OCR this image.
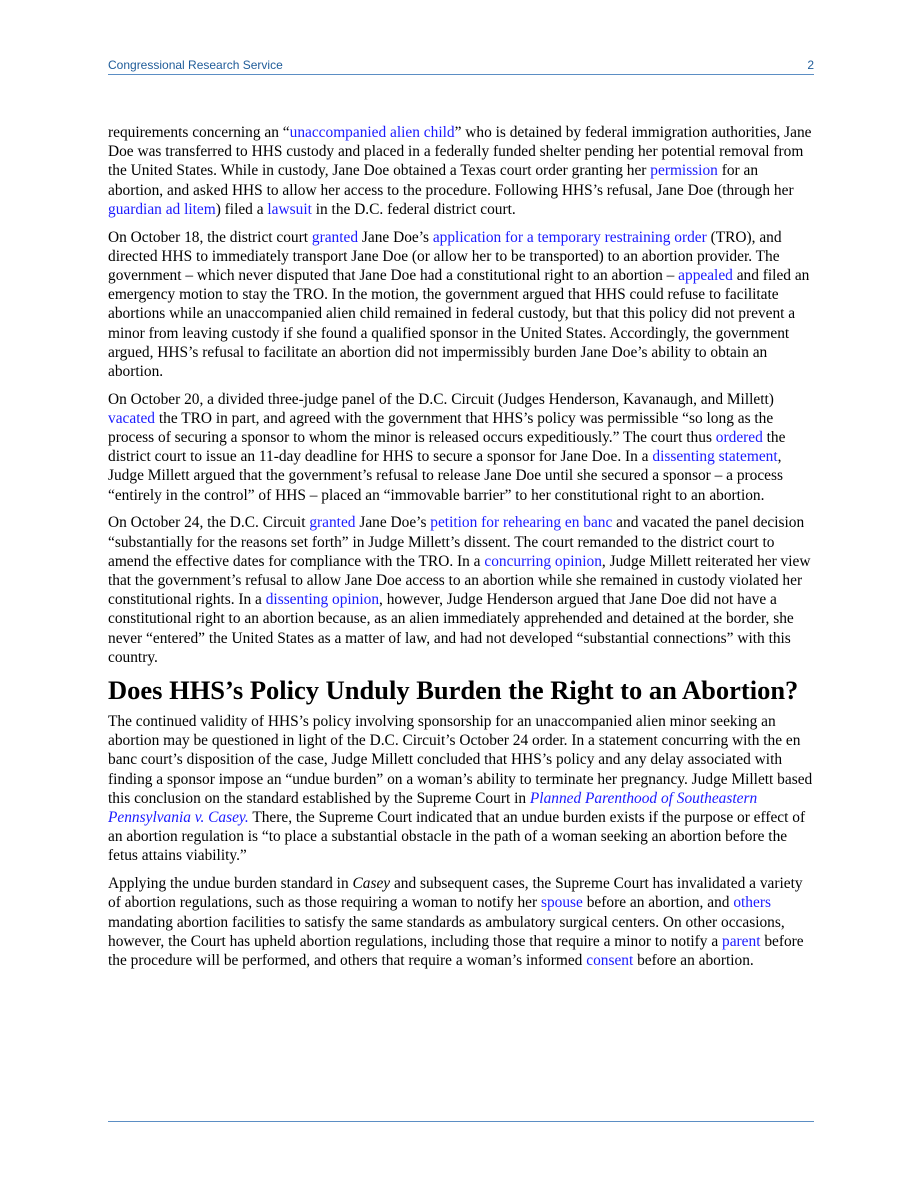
Congressional Research Service	2

requirements concerning an “unaccompanied alien child” who is detained by federal immigration authorities, Jane Doe was transferred to HHS custody and placed in a federally funded shelter pending her potential removal from the United States. While in custody, Jane Doe obtained a Texas court order granting her permission for an abortion, and asked HHS to allow her access to the procedure. Following HHS’s refusal, Jane Doe (through her guardian ad litem) filed a lawsuit in the D.C. federal district court.

On October 18, the district court granted Jane Doe’s application for a temporary restraining order (TRO), and directed HHS to immediately transport Jane Doe (or allow her to be transported) to an abortion provider. The government – which never disputed that Jane Doe had a constitutional right to an abortion – appealed and filed an emergency motion to stay the TRO. In the motion, the government argued that HHS could refuse to facilitate abortions while an unaccompanied alien child remained in federal custody, but that this policy did not prevent a minor from leaving custody if she found a qualified sponsor in the United States. Accordingly, the government argued, HHS’s refusal to facilitate an abortion did not impermissibly burden Jane Doe’s ability to obtain an abortion.

On October 20, a divided three-judge panel of the D.C. Circuit (Judges Henderson, Kavanaugh, and Millett) vacated the TRO in part, and agreed with the government that HHS’s policy was permissible “so long as the process of securing a sponsor to whom the minor is released occurs expeditiously.” The court thus ordered the district court to issue an 11-day deadline for HHS to secure a sponsor for Jane Doe. In a dissenting statement, Judge Millett argued that the government’s refusal to release Jane Doe until she secured a sponsor – a process “entirely in the control” of HHS – placed an “immovable barrier” to her constitutional right to an abortion.

On October 24, the D.C. Circuit granted Jane Doe’s petition for rehearing en banc and vacated the panel decision “substantially for the reasons set forth” in Judge Millett’s dissent. The court remanded to the district court to amend the effective dates for compliance with the TRO. In a concurring opinion, Judge Millett reiterated her view that the government’s refusal to allow Jane Doe access to an abortion while she remained in custody violated her constitutional rights. In a dissenting opinion, however, Judge Henderson argued that Jane Doe did not have a constitutional right to an abortion because, as an alien immediately apprehended and detained at the border, she never “entered” the United States as a matter of law, and had not developed “substantial connections” with this country.

Does HHS’s Policy Unduly Burden the Right to an Abortion?

The continued validity of HHS’s policy involving sponsorship for an unaccompanied alien minor seeking an abortion may be questioned in light of the D.C. Circuit’s October 24 order. In a statement concurring with the en banc court’s disposition of the case, Judge Millett concluded that HHS’s policy and any delay associated with finding a sponsor impose an “undue burden” on a woman’s ability to terminate her pregnancy. Judge Millett based this conclusion on the standard established by the Supreme Court in Planned Parenthood of Southeastern Pennsylvania v. Casey. There, the Supreme Court indicated that an undue burden exists if the purpose or effect of an abortion regulation is “to place a substantial obstacle in the path of a woman seeking an abortion before the fetus attains viability.”

Applying the undue burden standard in Casey and subsequent cases, the Supreme Court has invalidated a variety of abortion regulations, such as those requiring a woman to notify her spouse before an abortion, and others mandating abortion facilities to satisfy the same standards as ambulatory surgical centers. On other occasions, however, the Court has upheld abortion regulations, including those that require a minor to notify a parent before the procedure will be performed, and others that require a woman’s informed consent before an abortion.
